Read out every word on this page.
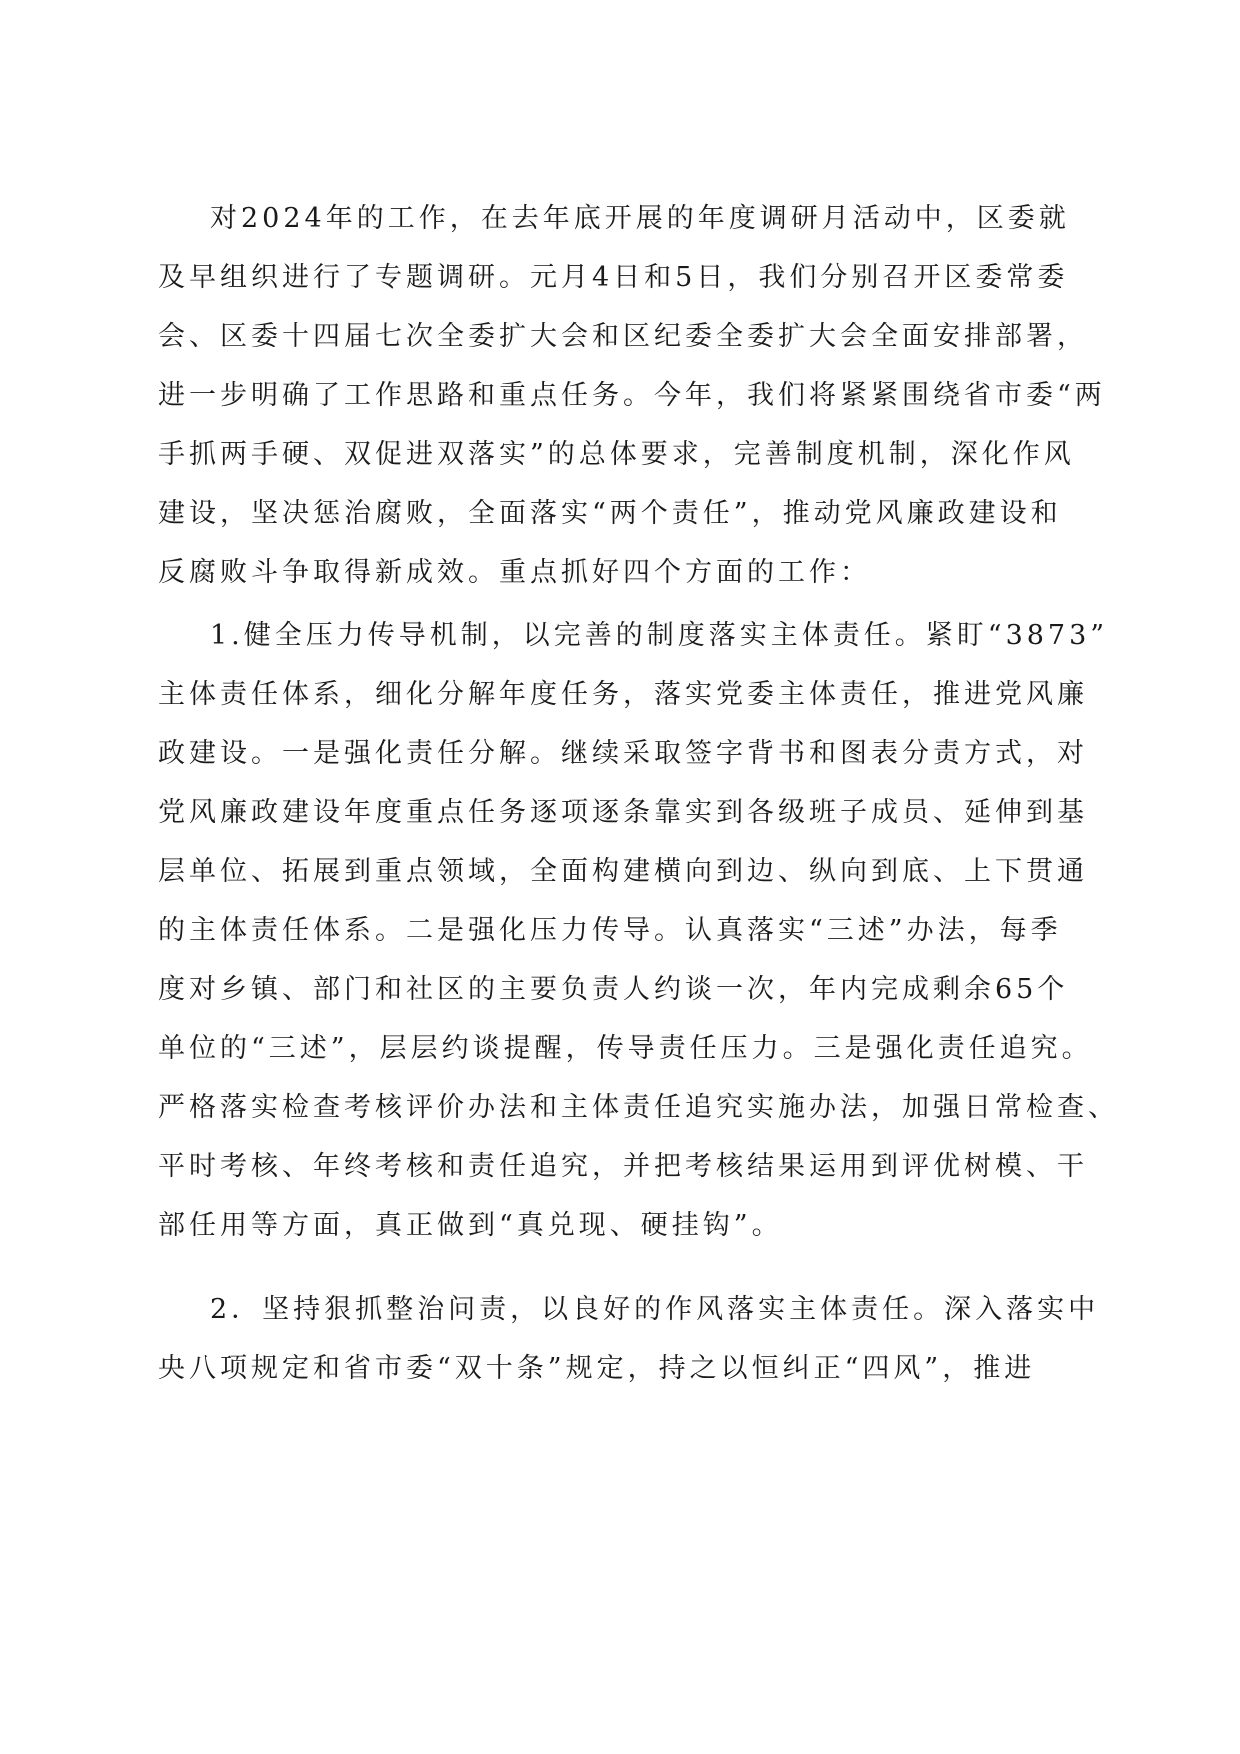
对2024年的工作，在去年底开展的年度调研月活动中，区委就
及早组织进行了专题调研。元月4日和5日，我们分别召开区委常委
会、区委十四届七次全委扩大会和区纪委全委扩大会全面安排部署，
进一步明确了工作思路和重点任务。今年，我们将紧紧围绕省市委“两
手抓两手硬、双促进双落实”的总体要求，完善制度机制，深化作风
建设，坚决惩治腐败，全面落实“两个责任”，推动党风廉政建设和
反腐败斗争取得新成效。重点抓好四个方面的工作：
1.健全压力传导机制，以完善的制度落实主体责任。紧盯“3873”
主体责任体系，细化分解年度任务，落实党委主体责任，推进党风廉
政建设。一是强化责任分解。继续采取签字背书和图表分责方式，对
党风廉政建设年度重点任务逐项逐条靠实到各级班子成员、延伸到基
层单位、拓展到重点领域，全面构建横向到边、纵向到底、上下贯通
的主体责任体系。二是强化压力传导。认真落实“三述”办法，每季
度对乡镇、部门和社区的主要负责人约谈一次，年内完成剩余65个
单位的“三述”，层层约谈提醒，传导责任压力。三是强化责任追究。
严格落实检查考核评价办法和主体责任追究实施办法，加强日常检查、
平时考核、年终考核和责任追究，并把考核结果运用到评优树模、干
部任用等方面，真正做到“真兑现、硬挂钩”。
2．坚持狠抓整治问责，以良好的作风落实主体责任。深入落实中
央八项规定和省市委“双十条”规定，持之以恒纠正“四风”，推进
